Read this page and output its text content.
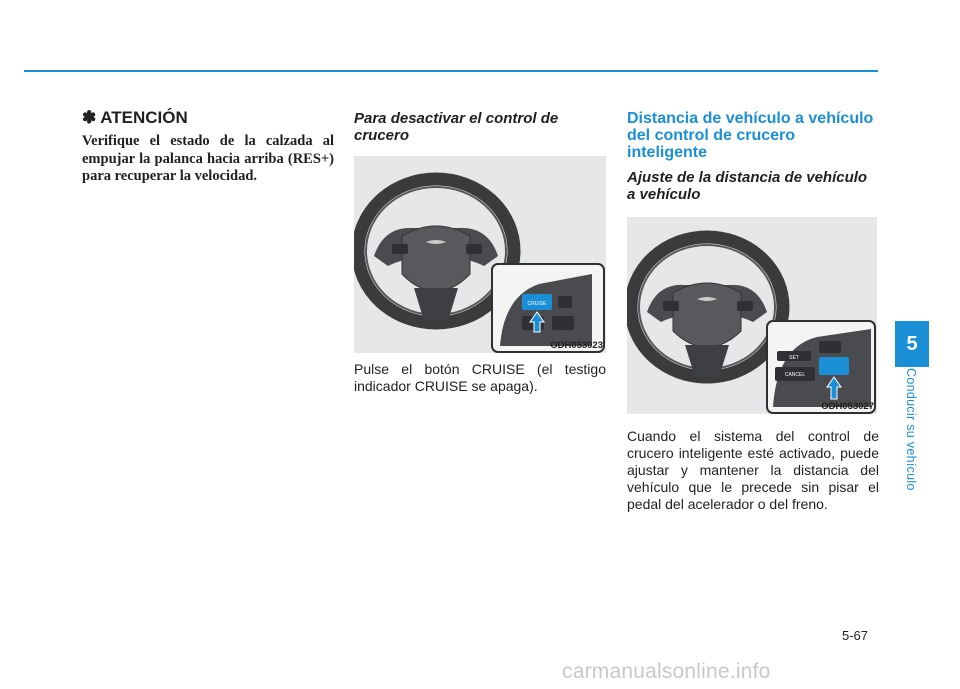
✽ ATENCIÓN

Verifique el estado de la calzada al empujar la palanca hacia arriba (RES+) para recuperar la velocidad.

Para desactivar el control de crucero

CRUISE
ODH053023

Pulse el botón CRUISE (el testigo indicador CRUISE se apaga).

Distancia de vehículo a vehículo del control de crucero inteligente

Ajuste de la distancia de vehículo a vehículo

SET
CANCEL
ODH053027

Cuando el sistema del control de crucero inteligente esté activado, puede ajustar y mantener la distancia del vehículo que le precede sin pisar el pedal del acelerador o del freno.

5
Conducir su vehículo
5-67
carmanualsonline.info
